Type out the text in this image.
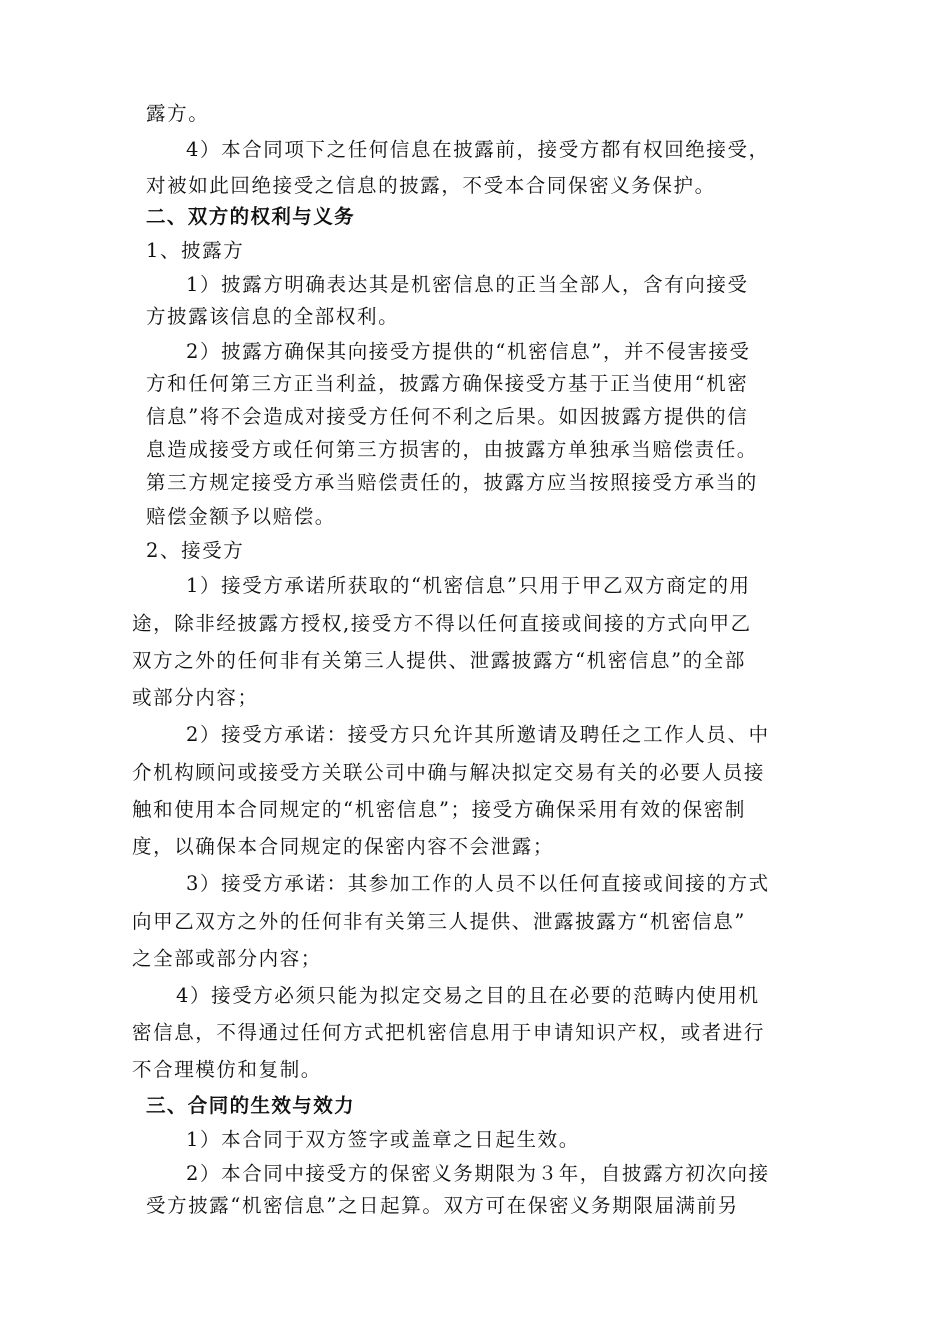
露方。
4）本合同项下之任何信息在披露前，接受方都有权回绝接受，
对被如此回绝接受之信息的披露，不受本合同保密义务保护。
二、双方的权利与义务
1、披露方
1）披露方明确表达其是机密信息的正当全部人，含有向接受
方披露该信息的全部权利。
2）披露方确保其向接受方提供的“机密信息”，并不侵害接受
方和任何第三方正当利益，披露方确保接受方基于正当使用“机密
信息”将不会造成对接受方任何不利之后果。如因披露方提供的信
息造成接受方或任何第三方损害的，由披露方单独承当赔偿责任。
第三方规定接受方承当赔偿责任的，披露方应当按照接受方承当的
赔偿金额予以赔偿。
2、接受方
1）接受方承诺所获取的“机密信息”只用于甲乙双方商定的用
途，除非经披露方授权,接受方不得以任何直接或间接的方式向甲乙
双方之外的任何非有关第三人提供、泄露披露方“机密信息”的全部
或部分内容；
2）接受方承诺：接受方只允许其所邀请及聘任之工作人员、中
介机构顾问或接受方关联公司中确与解决拟定交易有关的必要人员接
触和使用本合同规定的“机密信息”；接受方确保采用有效的保密制
度，以确保本合同规定的保密内容不会泄露；
3）接受方承诺：其参加工作的人员不以任何直接或间接的方式
向甲乙双方之外的任何非有关第三人提供、泄露披露方“机密信息”
之全部或部分内容；
4）接受方必须只能为拟定交易之目的且在必要的范畴内使用机
密信息，不得通过任何方式把机密信息用于申请知识产权，或者进行
不合理模仿和复制。
三、合同的生效与效力
1）本合同于双方签字或盖章之日起生效。
2）本合同中接受方的保密义务期限为３年，自披露方初次向接
受方披露“机密信息”之日起算。双方可在保密义务期限届满前另
